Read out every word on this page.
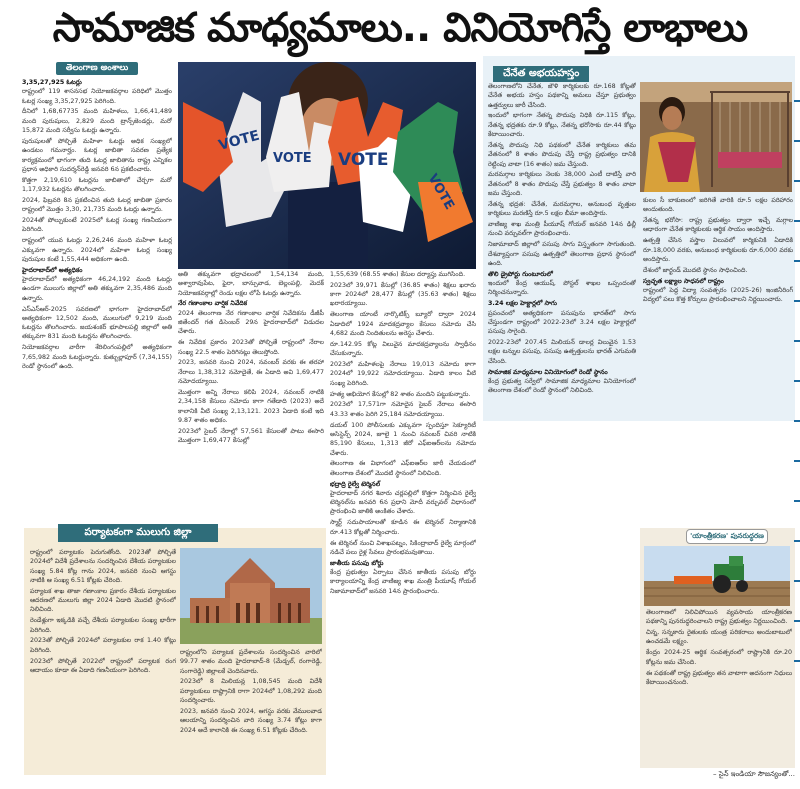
సామాజిక మాధ్యమాలు.. వినియోగిస్తే లాభాలు
తెలంగాణ అంశాలు

3,35,27,925 ఓటర్లు
రాష్ట్రంలో 119 శాసనసభ నియోజకవర్గాల పరిధిలో మొత్తం ఓటర్ల సంఖ్య 3,35,27,925 పెరిగింది.

దీనిలో 1,68,67735 మంది మహిళలు, 1,66,41,489 మంది పురుషులు, 2,829 మంది ట్రాన్స్‌జెండర్లు, మరో 15,872 మంది సర్వీసు ఓటర్లు ఉన్నారు.

పురుషులతో పోల్చితే మహిళా ఓటర్లు అధిక సంఖ్యలో ఉండటం గమనార్హం. ఓటర్ల జాబితా సవరణ ప్రత్యేక కార్యక్రమంలో భాగంగా తుది ఓటర్ల జాబితాను రాష్ట్ర ఎన్నికల ప్రధాన అధికారి సుదర్శన్‌రెడ్డి జనవరి 6న ప్రకటించారు.

కొత్తగా 2,19,610 ఓటర్లను జాబితాలో చేర్చగా మరో 1,17,932 ఓటర్లను తొలగించారు.

2024, ఫిబ్రవరి 8న ప్రకటించిన తుది ఓటర్ల జాబితా ప్రకారం రాష్ట్రంలో మొత్తం 3,30, 21,735 మంది ఓటర్లు ఉన్నారు.

2024తో పోల్చుకుంటే 2025లో ఓటర్ల సంఖ్య గణనీయంగా పెరిగింది.

రాష్ట్రంలో యువ ఓటర్లు 2,26,246 మంది మహిళా ఓటర్ల ఎక్కువగా ఉన్నారు. 2024లో మహిళా ఓటర్ల సంఖ్య పురుషుల కంటే 1,55,444 అధికంగా ఉంది.

హైదరాబాద్‌లో అత్యధికం
హైదరాబాద్‌లో అత్యధికంగా 46,24,192 మంది ఓటర్లు ఉండగా ములుగు జిల్లాలో అతి తక్కువగా 2,35,486 మంది ఉన్నారు.

ఎస్‌ఎస్‌ఆర్-2025 సవరణలో భాగంగా హైదరాబాద్‌లో అత్యధికంగా 12,502 మంది, ములుగులో 9,219 మంది ఓటర్లను తొలగించారు. జయశంకర్ భూపాలపల్లి జిల్లాలో అతి తక్కువగా 831 మంది ఓటర్లను తొలగించారు.

నియోజకవర్గాల వారీగా శేరిలింగంపల్లిలో అత్యధికంగా 7,65,982 మంది ఓటర్లున్నారు. కుత్బుల్లాపూర్ (7,34,155) రెండో స్థానంలో ఉంది.

VOTE
VOTE VOTE
VOTE

అతి తక్కువగా భద్రాచలంలో 1,54,134 మంది, అశ్వారావుపేట, ఫైరా, బాన్సువాడ, బెల్లంపల్లి, మెదక్ నియోజకవర్గాల్లో రెండు లక్షల లోపే ఓటర్లు ఉన్నారు.

నేర గణాంకాల వార్షిక నివేదిక
2024 తెలంగాణ నేర గణాంకాల వార్షిక నివేదికను డీజీపీ జితేందర్ గత డిసెంబర్ 29న హైదరాబాద్‌లో విడుదల చేశారు.

ఈ నివేదిక ప్రకారం 2023తో పోల్చితే రాష్ట్రంలో నేరాల సంఖ్య 22.5 శాతం పెరిగినట్లు తెలుస్తోంది.

2023, జనవరి నుంచి 2024, నవంబర్ వరకు ఈ తరహా నేరాలు 1,38,312 నమోదైతే, ఈ ఏడాది అవి 1,69,477 నమోదయ్యాయి.

మొత్తంగా అన్ని నేరాలు కలిపి 2024, నవంబర్ నాటికి 2,34,158 కేసులు నమోదు కాగా గతేడాది (2023) అదే కాలానికి వీటి సంఖ్య 2,13,121. 2023 ఏడాది కంటే ఇది 9.87 శాతం అధికం.

2023లో సైబర్ నేరాల్లో 57,561 కేసులతో పాటు ఈసారి మొత్తంగా 1,69,477 కేసుల్లో

1,55,639 (68.55 శాతం) కేసుల దర్యాప్తు ముగిసింది.

2023లో 39,971 కేసుల్లో (36.85 శాతం) శిక్షలు ఖరారు కాగా 2024లో 28,477 కేసుల్లో (35.63 శాతం) శిక్షలు ఖరారయ్యాయి.

తెలంగాణ యాంటీ నార్కొటిక్స్ బ్యూరో ద్వారా 2024 ఏడాదిలో 1924 మాదకద్రవ్యాల కేసులు నమోదు చేసి 4,682 మంది నిందితులను అరెస్టు చేశారు.

రూ.142.95 కోట్ల విలువైన మాదకద్రవ్యాలను స్వాధీనం చేసుకున్నారు.

2023లో మహిళలపై నేరాలు 19,013 నమోదు కాగా 2024లో 19,922 నమోదయ్యాయి. ఏడాది కాలం వీటి సంఖ్య పెరిగింది.

హత్య అభియోగ కేసుల్లో 82 శాతం మందిని పట్టుకున్నారు.

2023లో 17,571గా నమోదైన సైబర్ నేరాలు ఈసారి 43.33 శాతం పెరిగి 25,184 నమోదయ్యాయి.

డయల్ 100 పోలీసులకు ఎక్కువగా స్పందిస్తూ సెక్యూరిటీ అసిస్టెన్స్ 2024, జూలై 1 నుంచి నవంబర్ చివరి నాటికి 85,190 కేసులు, 1,313 జీరో ఎఫ్‌ఐఆర్‌లను నమోదు చేశారు.

తెలంగాణ ఈ విభాగంలో ఎఫ్‌ఐఆర్‌ల జారీ చేయడంలో తెలంగాణ దేశంలో మొదటి స్థానంలో నిలిచింది.

భద్రాద్రి రైల్వే టెర్మినల్
హైదరాబాద్ నగర శివారు చర్లపల్లిలో కొత్తగా నిర్మించిన రైల్వే టెర్మినల్‌ను జనవరి 6న ప్రధాని మోదీ వర్చువల్ విధానంలో ప్రారంభించి జాతికి అంకితం చేశారు.

స్మార్ట్ సదుపాయాలతో కూడిన ఈ టెర్మినల్ నిర్మాణానికి రూ.413 కోట్లతో నిర్మించారు.

ఈ టెర్మినల్ నుంచి విశాఖపట్నం, సికింద్రాబాద్ రైల్వే మార్గంలో నడిచే పలు రైళ్ల సేవలు ప్రారంభమవుతాయి.

జాతీయ పసుపు బోర్డు
కేంద్ర ప్రభుత్వం ఏర్పాటు చేసిన జాతీయ పసుపు బోర్డు కార్యాలయాన్ని కేంద్ర వాణిజ్య శాఖ మంత్రి పీయూష్ గోయల్ నిజామాబాద్‌లో జనవరి 14న ప్రారంభించారు.

చేనేత అభయహస్తం

తెలంగాణలోని చేనేత, జౌళి కార్మికులకు రూ.168 కోట్లతో చేనేత అభయ హస్తం పథకాన్ని అమలు చేస్తూ ప్రభుత్వం ఉత్తర్వులు జారీ చేసింది.

ఇందులో భాగంగా నేతన్న పొదుపు నిధికి రూ.115 కోట్లు, నేతన్న భద్రతకు రూ.9 కోట్లు, నేతన్న భరోసాకు రూ.44 కోట్లు కేటాయించారు.

నేతన్న పొదుపు నిధి పథకంలో చేనేత కార్మికులు తమ వేతనంలో 8 శాతం పొదుపు చేస్తే రాష్ట్ర ప్రభుత్వం దానికి రెట్టింపు వాటా (16 శాతం) జమ చేస్తుంది.

మరమగ్గాల కార్మికులు నెలకు 38,000 ఎంటీ దాటిస్తే వారి వేతనంలో 8 శాతం పొదుపు చేస్తే ప్రభుత్వం 8 శాతం వాటా జమ చేస్తుంది.

నేతన్న భద్రత: చేనేత, మరమగ్గాల, అనుబంధ వృత్తుల కార్మికులు మరణిస్తే రూ.5 లక్షల బీమా అందిస్తారు.

వాణిజ్య శాఖ మంత్రి పీయూష్ గోయల్ జనవరి 14న ఢిల్లీ నుంచి వర్చువల్‌గా ప్రారంభించారు.

నిజామాబాద్ జిల్లాలో పసుపు సాగు విస్తృతంగా సాగుతుంది. దేశవ్యాప్తంగా పసుపు ఉత్పత్తిలో తెలంగాణ ప్రధాన స్థానంలో ఉంది.

తొలి డ్రైపోర్టు గుంటూరులో
ఇందులో కేంద్ర ఆయుష్, పోస్టల్ శాఖల ఒప్పందంతో నిర్మించనున్నారు.

3.24 లక్షల హెక్టార్లలో సాగు
ప్రపంచంలో అత్యధికంగా పసుపును భారత్‌లో సాగు చేస్తుండగా రాష్ట్రంలో 2022-23లో 3.24 లక్షల హెక్టార్లలో పసుపు సాగైంది.

2022-23లో 207.45 మిలియన్ డాలర్ల విలువైన 1.53 లక్షల టన్నుల పసుపు, పసుపు ఉత్పత్తులను భారత్ ఎగుమతి చేసింది.

సామాజిక మాధ్యమాల వినియోగంలో రెండో స్థానం
కేంద్ర ప్రభుత్వ సర్వేలో సామాజిక మాధ్యమాల వినియోగంలో తెలంగాణ దేశంలో రెండో స్థానంలో నిలిచింది.

కులం సీ బాకుణంలో జరిగితే వారికి రూ.5 లక్షల పరిహారం అందుతుంది.

నేతన్న భరోసా: రాష్ట్ర ప్రభుత్వం ద్వారా ఇచ్చే మగ్గాల ఆధారంగా చేనేత కార్మికులకు ఆర్థిక సాయం అందిస్తారు.

ఉత్పత్తి చేసిన వస్త్రాల విలువలో కార్మికునికి ఏడాదికి రూ.18,000 వరకు, అనుబంధ కార్మికులకు రూ.6,000 వరకు అందిస్తారు.

దేశంలో జార్ఖండ్ మొదటి స్థానం సాధించింది.

స్వచ్ఛత లక్ష్యాల సాధనలో రాష్ట్రం
రాష్ట్రంలో పెద్ద విద్యా సంవత్సరం (2025-26) ఇంజినీరింగ్ విద్యలో పలు కొత్త కోర్సులు ప్రారంభించాలని నిర్ణయించారు.

పర్యాటకంగా ములుగు జిల్లా

రాష్ట్రంలో పర్యాటకం పెరుగుతోంది. 2023తో పోల్చితే 2024లో విదేశీ ప్రదేశాలను సందర్శించిన దేశీయ పర్యాటకుల సంఖ్య 5.84 కోట్ల గాను 2024, జనవరి నుంచి ఆగస్టు నాటికి ఆ సంఖ్య 6.51 కోట్లకు చేరింది.

పర్యాటక శాఖ తాజా గణాంకాల ప్రకారం దేశీయ పర్యాటకుల ఆదరణలో ములుగు జిల్లా 2024 ఏడాది మొదటి స్థానంలో నిలిచింది.

రెండేళ్లుగా ఇక్కడికి వచ్చే దేశీయ పర్యాటకుల సంఖ్య భారీగా పెరిగింది.

2023తో పోల్చితే 2024లో పర్యాటకుల రాక 1.40 కోట్లు పెరిగింది.

2023లో పోల్చితే 2022లో రాష్ట్రంలో పర్యాటక రంగ ఆదాయం కూడా ఈ ఏడాది గణనీయంగా పెరిగింది.

రాష్ట్రంలోని పర్యాటక ప్రదేశాలను సందర్శించిన వారిలో 99.77 శాతం మంది హైదరాబాద్-8 (మేడ్చల్, రంగారెడ్డి, సంగారెడ్డి) జిల్లాలకే చెందినవారు.

2023లో 8 మిలియన్ల 1,08,545 మంది విదేశీ పర్యాటకులు రాష్ట్రానికి రాగా 2024లో 1,08,292 మంది సందర్శించారు.

2023, జనవరి నుంచి 2024, ఆగస్టు వరకు వేములవాడ ఆలయాన్ని సందర్శించిన వారి సంఖ్య 3.74 కోట్లు కాగా 2024 అదే కాలానికి ఈ సంఖ్య 6.51 కోట్లకు చేరింది.

'యాంత్రీకరణ' పునరుద్ధరణ

తెలంగాణలో నిలిచిపోయిన వ్యవసాయ యాంత్రీకరణ పథకాన్ని పునరుద్ధరించాలని రాష్ట్ర ప్రభుత్వం నిర్ణయించింది.

చిన్న, సన్నకారు రైతులకు యంత్ర పరికరాలు అందుబాటులో ఉంచడమే లక్ష్యం.

కేంద్రం 2024-25 ఆర్థిక సంవత్సరంలో రాష్ట్రానికి రూ.20 కోట్లను జమ చేసింది.

ఈ పథకంతో రాష్ట్ర ప్రభుత్వం తన వాటాగా అదనంగా నిధులు కేటాయించనుంది.

– సైన్ ఇండియా సౌజన్యంతో...
